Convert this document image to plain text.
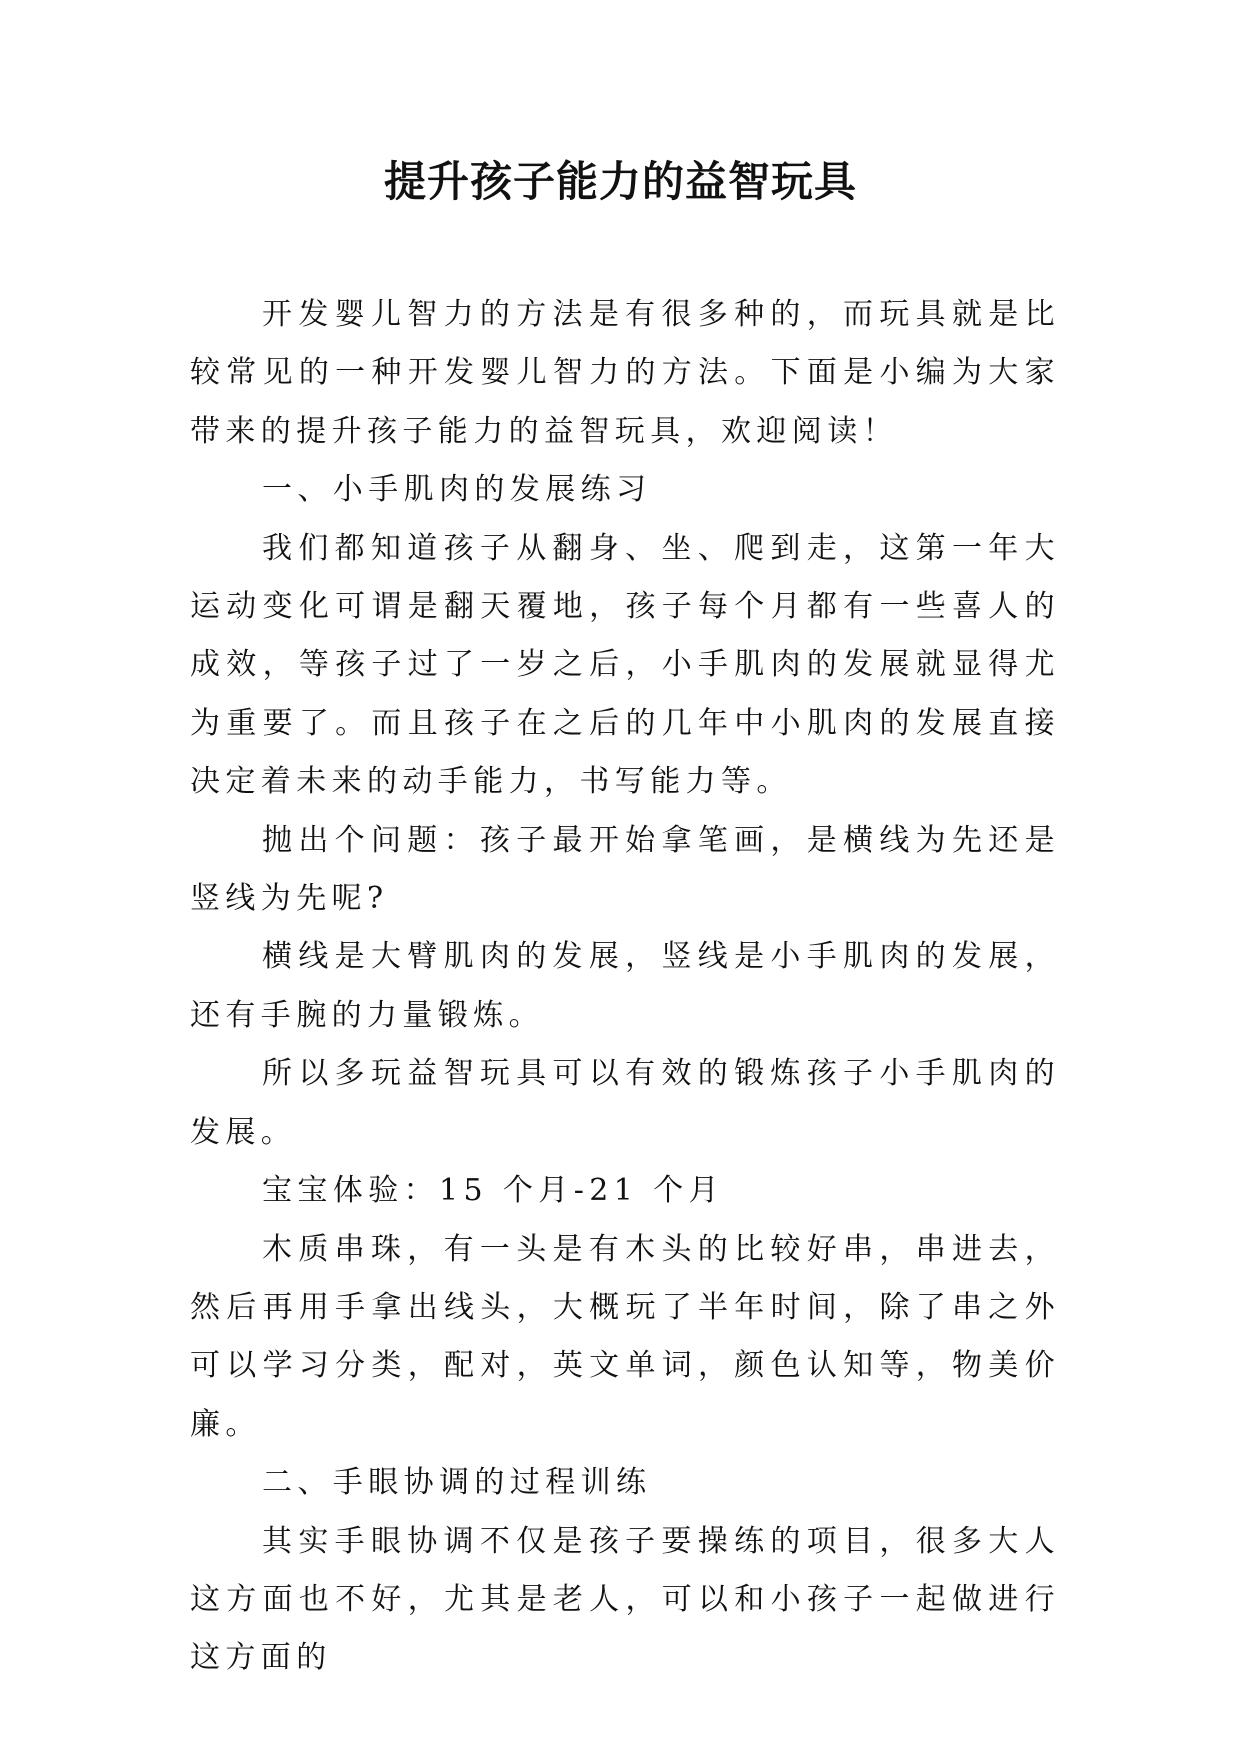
提升孩子能力的益智玩具

开发婴儿智力的方法是有很多种的，而玩具就是比较常见的一种开发婴儿智力的方法。下面是小编为大家带来的提升孩子能力的益智玩具，欢迎阅读！

一、小手肌肉的发展练习

我们都知道孩子从翻身、坐、爬到走，这第一年大运动变化可谓是翻天覆地，孩子每个月都有一些喜人的成效，等孩子过了一岁之后，小手肌肉的发展就显得尤为重要了。而且孩子在之后的几年中小肌肉的发展直接决定着未来的动手能力，书写能力等。

抛出个问题：孩子最开始拿笔画，是横线为先还是竖线为先呢?

横线是大臂肌肉的发展，竖线是小手肌肉的发展，还有手腕的力量锻炼。

所以多玩益智玩具可以有效的锻炼孩子小手肌肉的发展。

宝宝体验：15 个月-21 个月

木质串珠，有一头是有木头的比较好串，串进去，然后再用手拿出线头，大概玩了半年时间，除了串之外可以学习分类，配对，英文单词，颜色认知等，物美价廉。

二、手眼协调的过程训练

其实手眼协调不仅是孩子要操练的项目，很多大人这方面也不好，尤其是老人，可以和小孩子一起做进行这方面的
